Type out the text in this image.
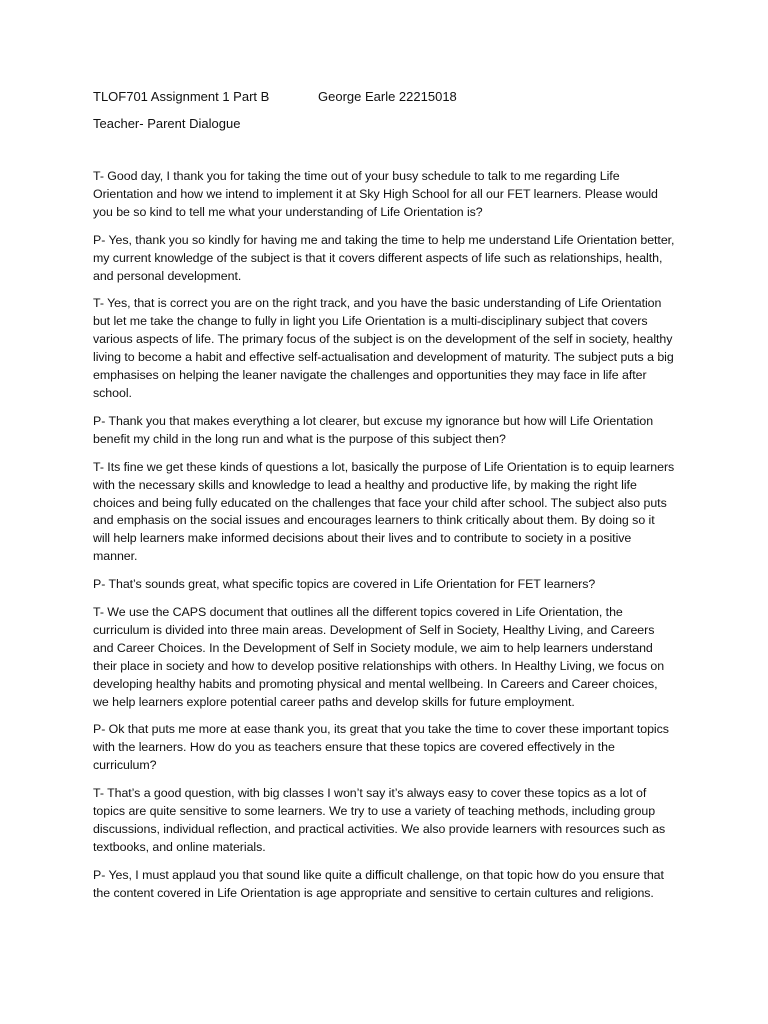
TLOF701 Assignment 1 Part B	George Earle 22215018
Teacher- Parent Dialogue

T- Good day, I thank you for taking the time out of your busy schedule to talk to me regarding Life Orientation and how we intend to implement it at Sky High School for all our FET learners. Please would you be so kind to tell me what your understanding of Life Orientation is?

P- Yes, thank you so kindly for having me and taking the time to help me understand Life Orientation better, my current knowledge of the subject is that it covers different aspects of life such as relationships, health, and personal development.

T- Yes, that is correct you are on the right track, and you have the basic understanding of Life Orientation but let me take the change to fully in light you Life Orientation is a multi-disciplinary subject that covers various aspects of life. The primary focus of the subject is on the development of the self in society, healthy living to become a habit and effective self-actualisation and development of maturity. The subject puts a big emphasises on helping the leaner navigate the challenges and opportunities they may face in life after school.

P- Thank you that makes everything a lot clearer, but excuse my ignorance but how will Life Orientation benefit my child in the long run and what is the purpose of this subject then?

T- Its fine we get these kinds of questions a lot, basically the purpose of Life Orientation is to equip learners with the necessary skills and knowledge to lead a healthy and productive life, by making the right life choices and being fully educated on the challenges that face your child after school. The subject also puts and emphasis on the social issues and encourages learners to think critically about them. By doing so it will help learners make informed decisions about their lives and to contribute to society in a positive manner.

P- That’s sounds great, what specific topics are covered in Life Orientation for FET learners?

T- We use the CAPS document that outlines all the different topics covered in Life Orientation, the curriculum is divided into three main areas. Development of Self in Society, Healthy Living, and Careers and Career Choices. In the Development of Self in Society module, we aim to help learners understand their place in society and how to develop positive relationships with others. In Healthy Living, we focus on developing healthy habits and promoting physical and mental wellbeing. In Careers and Career choices, we help learners explore potential career paths and develop skills for future employment.

P- Ok that puts me more at ease thank you, its great that you take the time to cover these important topics with the learners. How do you as teachers ensure that these topics are covered effectively in the curriculum?

T- That’s a good question, with big classes I won’t say it’s always easy to cover these topics as a lot of topics are quite sensitive to some learners. We try to use a variety of teaching methods, including group discussions, individual reflection, and practical activities. We also provide learners with resources such as textbooks, and online materials.

P- Yes, I must applaud you that sound like quite a difficult challenge, on that topic how do you ensure that the content covered in Life Orientation is age appropriate and sensitive to certain cultures and religions.
